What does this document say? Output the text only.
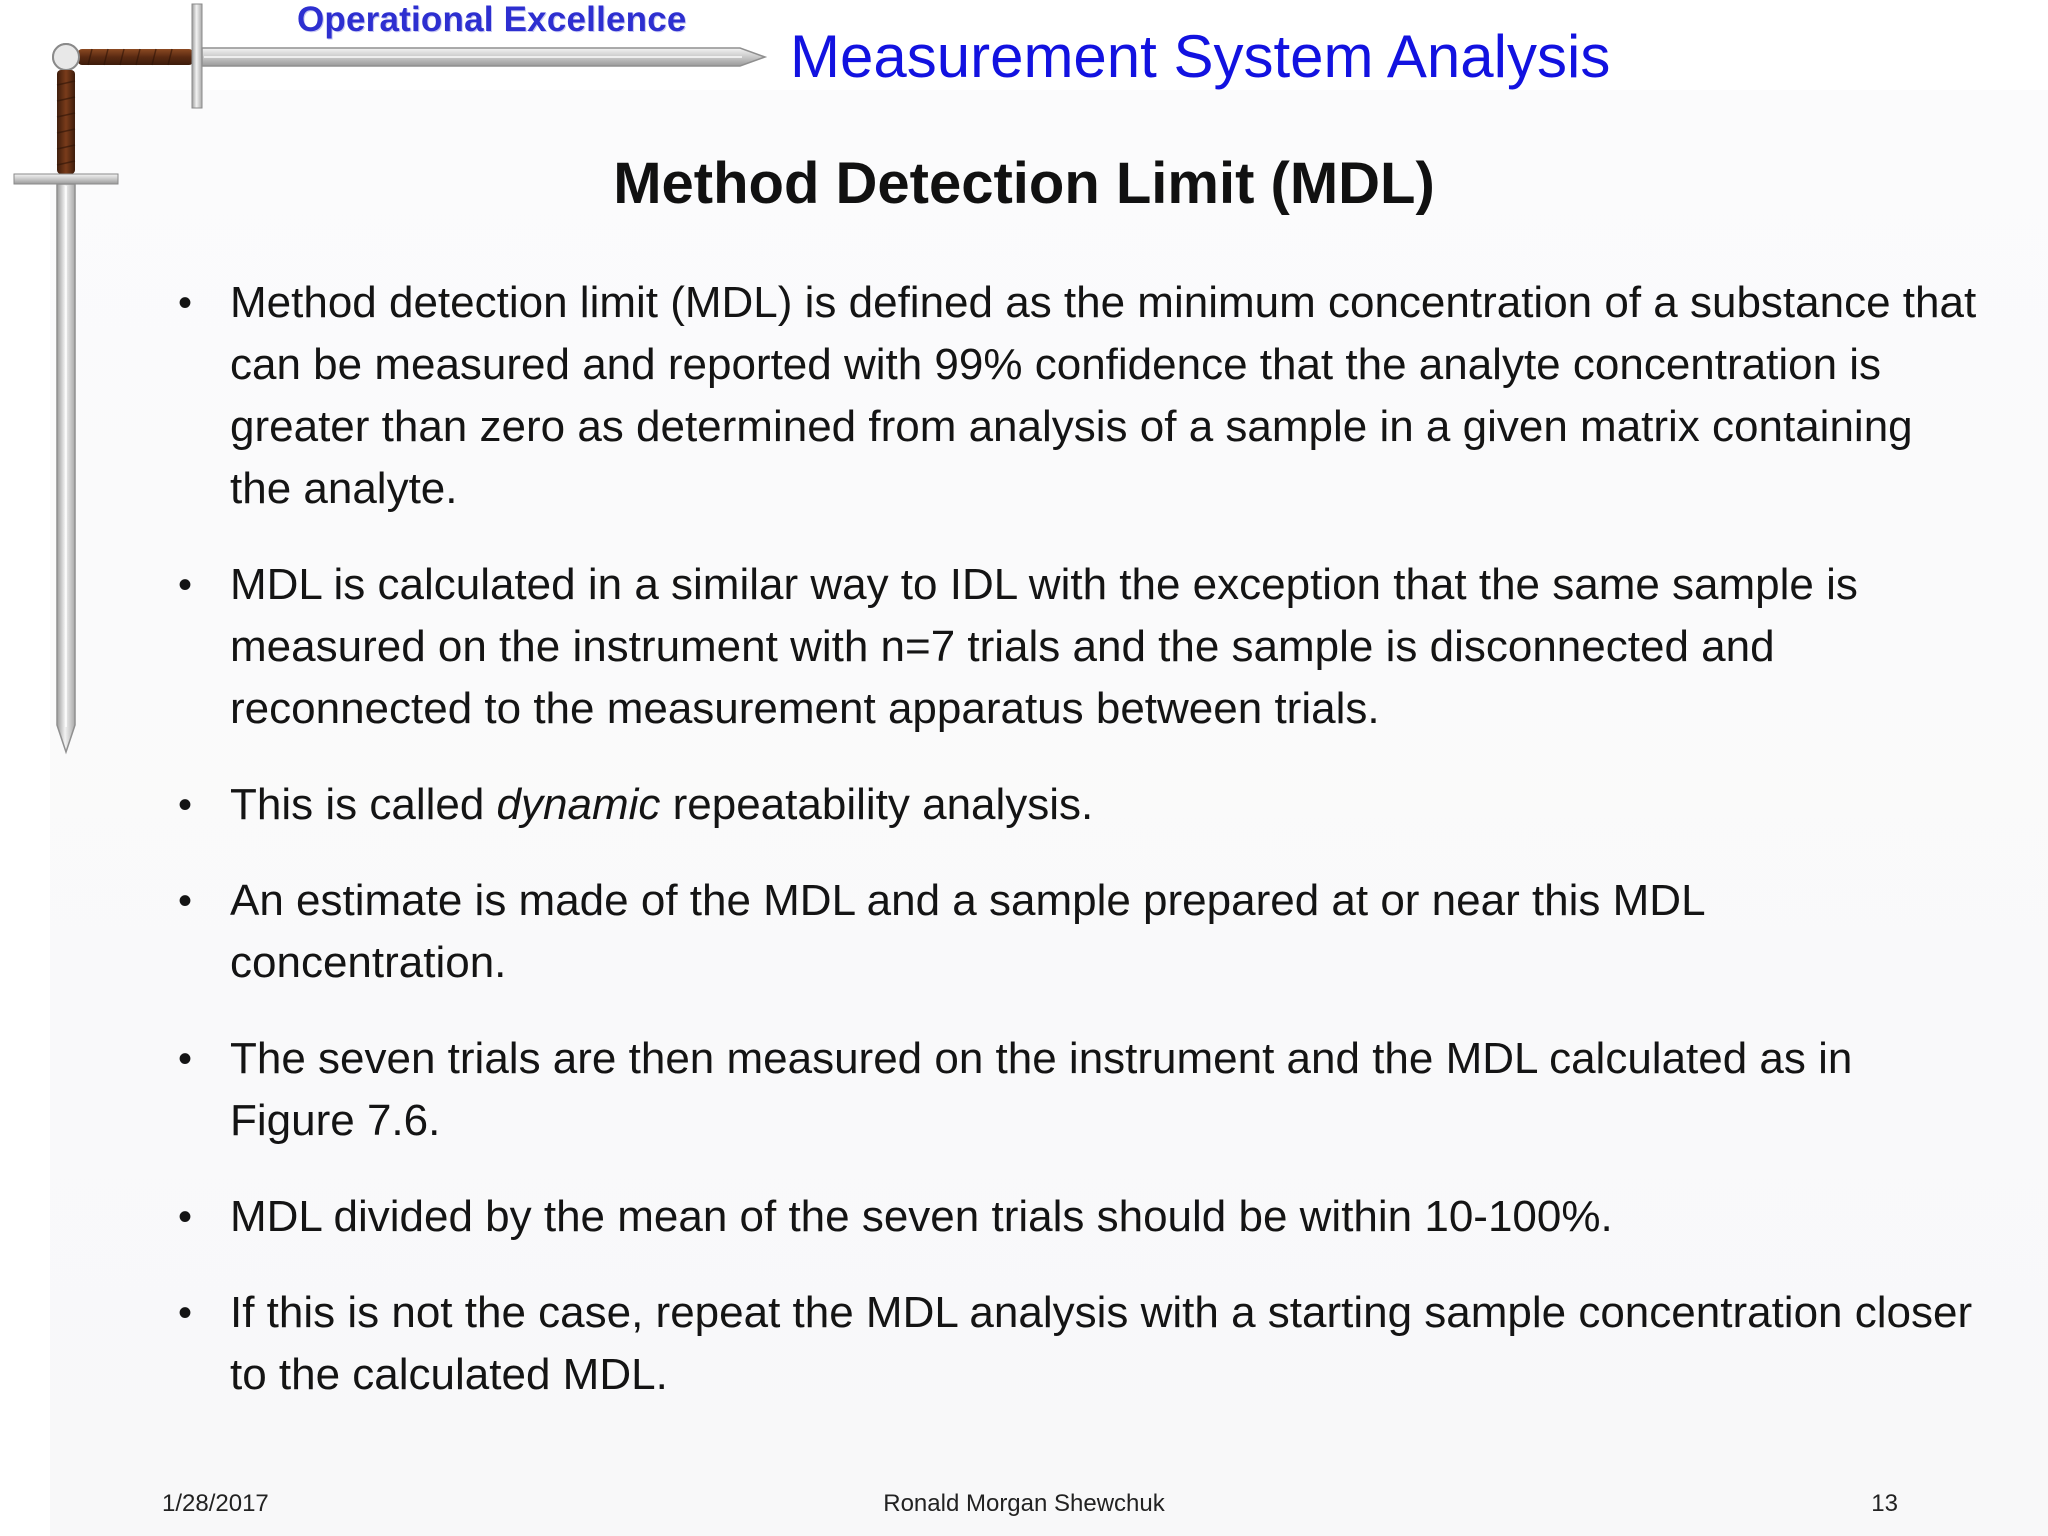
Operational Excellence
Measurement System Analysis
Method Detection Limit (MDL)
• Method detection limit (MDL) is defined as the minimum concentration of a substance that can be measured and reported with 99% confidence that the analyte concentration is greater than zero as determined from analysis of a sample in a given matrix containing the analyte.
• MDL is calculated in a similar way to IDL with the exception that the same sample is measured on the instrument with n=7 trials and the sample is disconnected and reconnected to the measurement apparatus between trials.
• This is called dynamic repeatability analysis.
• An estimate is made of the MDL and a sample prepared at or near this MDL concentration.
• The seven trials are then measured on the instrument and the MDL calculated as in Figure 7.6.
• MDL divided by the mean of the seven trials should be within 10-100%.
• If this is not the case, repeat the MDL analysis with a starting sample concentration closer to the calculated MDL.
1/28/2017	Ronald Morgan Shewchuk	13
